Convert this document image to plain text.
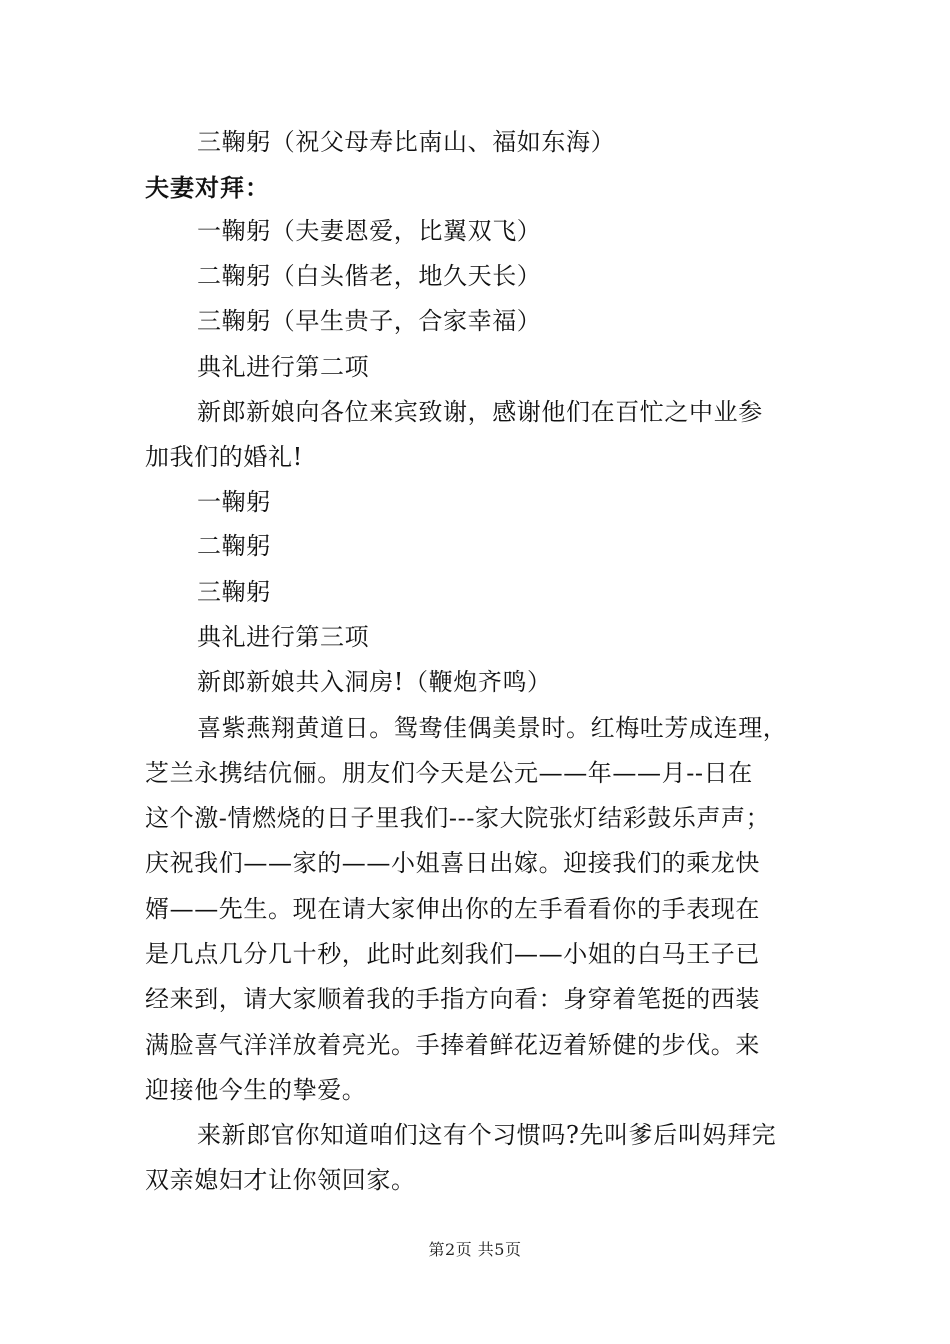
三鞠躬（祝父母寿比南山、福如东海）
夫妻对拜：
一鞠躬（夫妻恩爱，比翼双飞）
二鞠躬（白头偕老，地久天长）
三鞠躬（早生贵子，合家幸福）
典礼进行第二项
新郎新娘向各位来宾致谢，感谢他们在百忙之中业参
加我们的婚礼!
一鞠躬
二鞠躬
三鞠躬
典礼进行第三项
新郎新娘共入洞房!（鞭炮齐鸣）
喜紫燕翔黄道日。鸳鸯佳偶美景时。红梅吐芳成连理，
芝兰永携结伉俪。朋友们今天是公元——年——月--日在
这个激-情燃烧的日子里我们---家大院张灯结彩鼓乐声声；
庆祝我们——家的——小姐喜日出嫁。迎接我们的乘龙快
婿——先生。现在请大家伸出你的左手看看你的手表现在
是几点几分几十秒，此时此刻我们——小姐的白马王子已
经来到，请大家顺着我的手指方向看：身穿着笔挺的西装
满脸喜气洋洋放着亮光。手捧着鲜花迈着矫健的步伐。来
迎接他今生的挚爱。
来新郎官你知道咱们这有个习惯吗?先叫爹后叫妈拜完
双亲媳妇才让你领回家。
第2页 共5页
